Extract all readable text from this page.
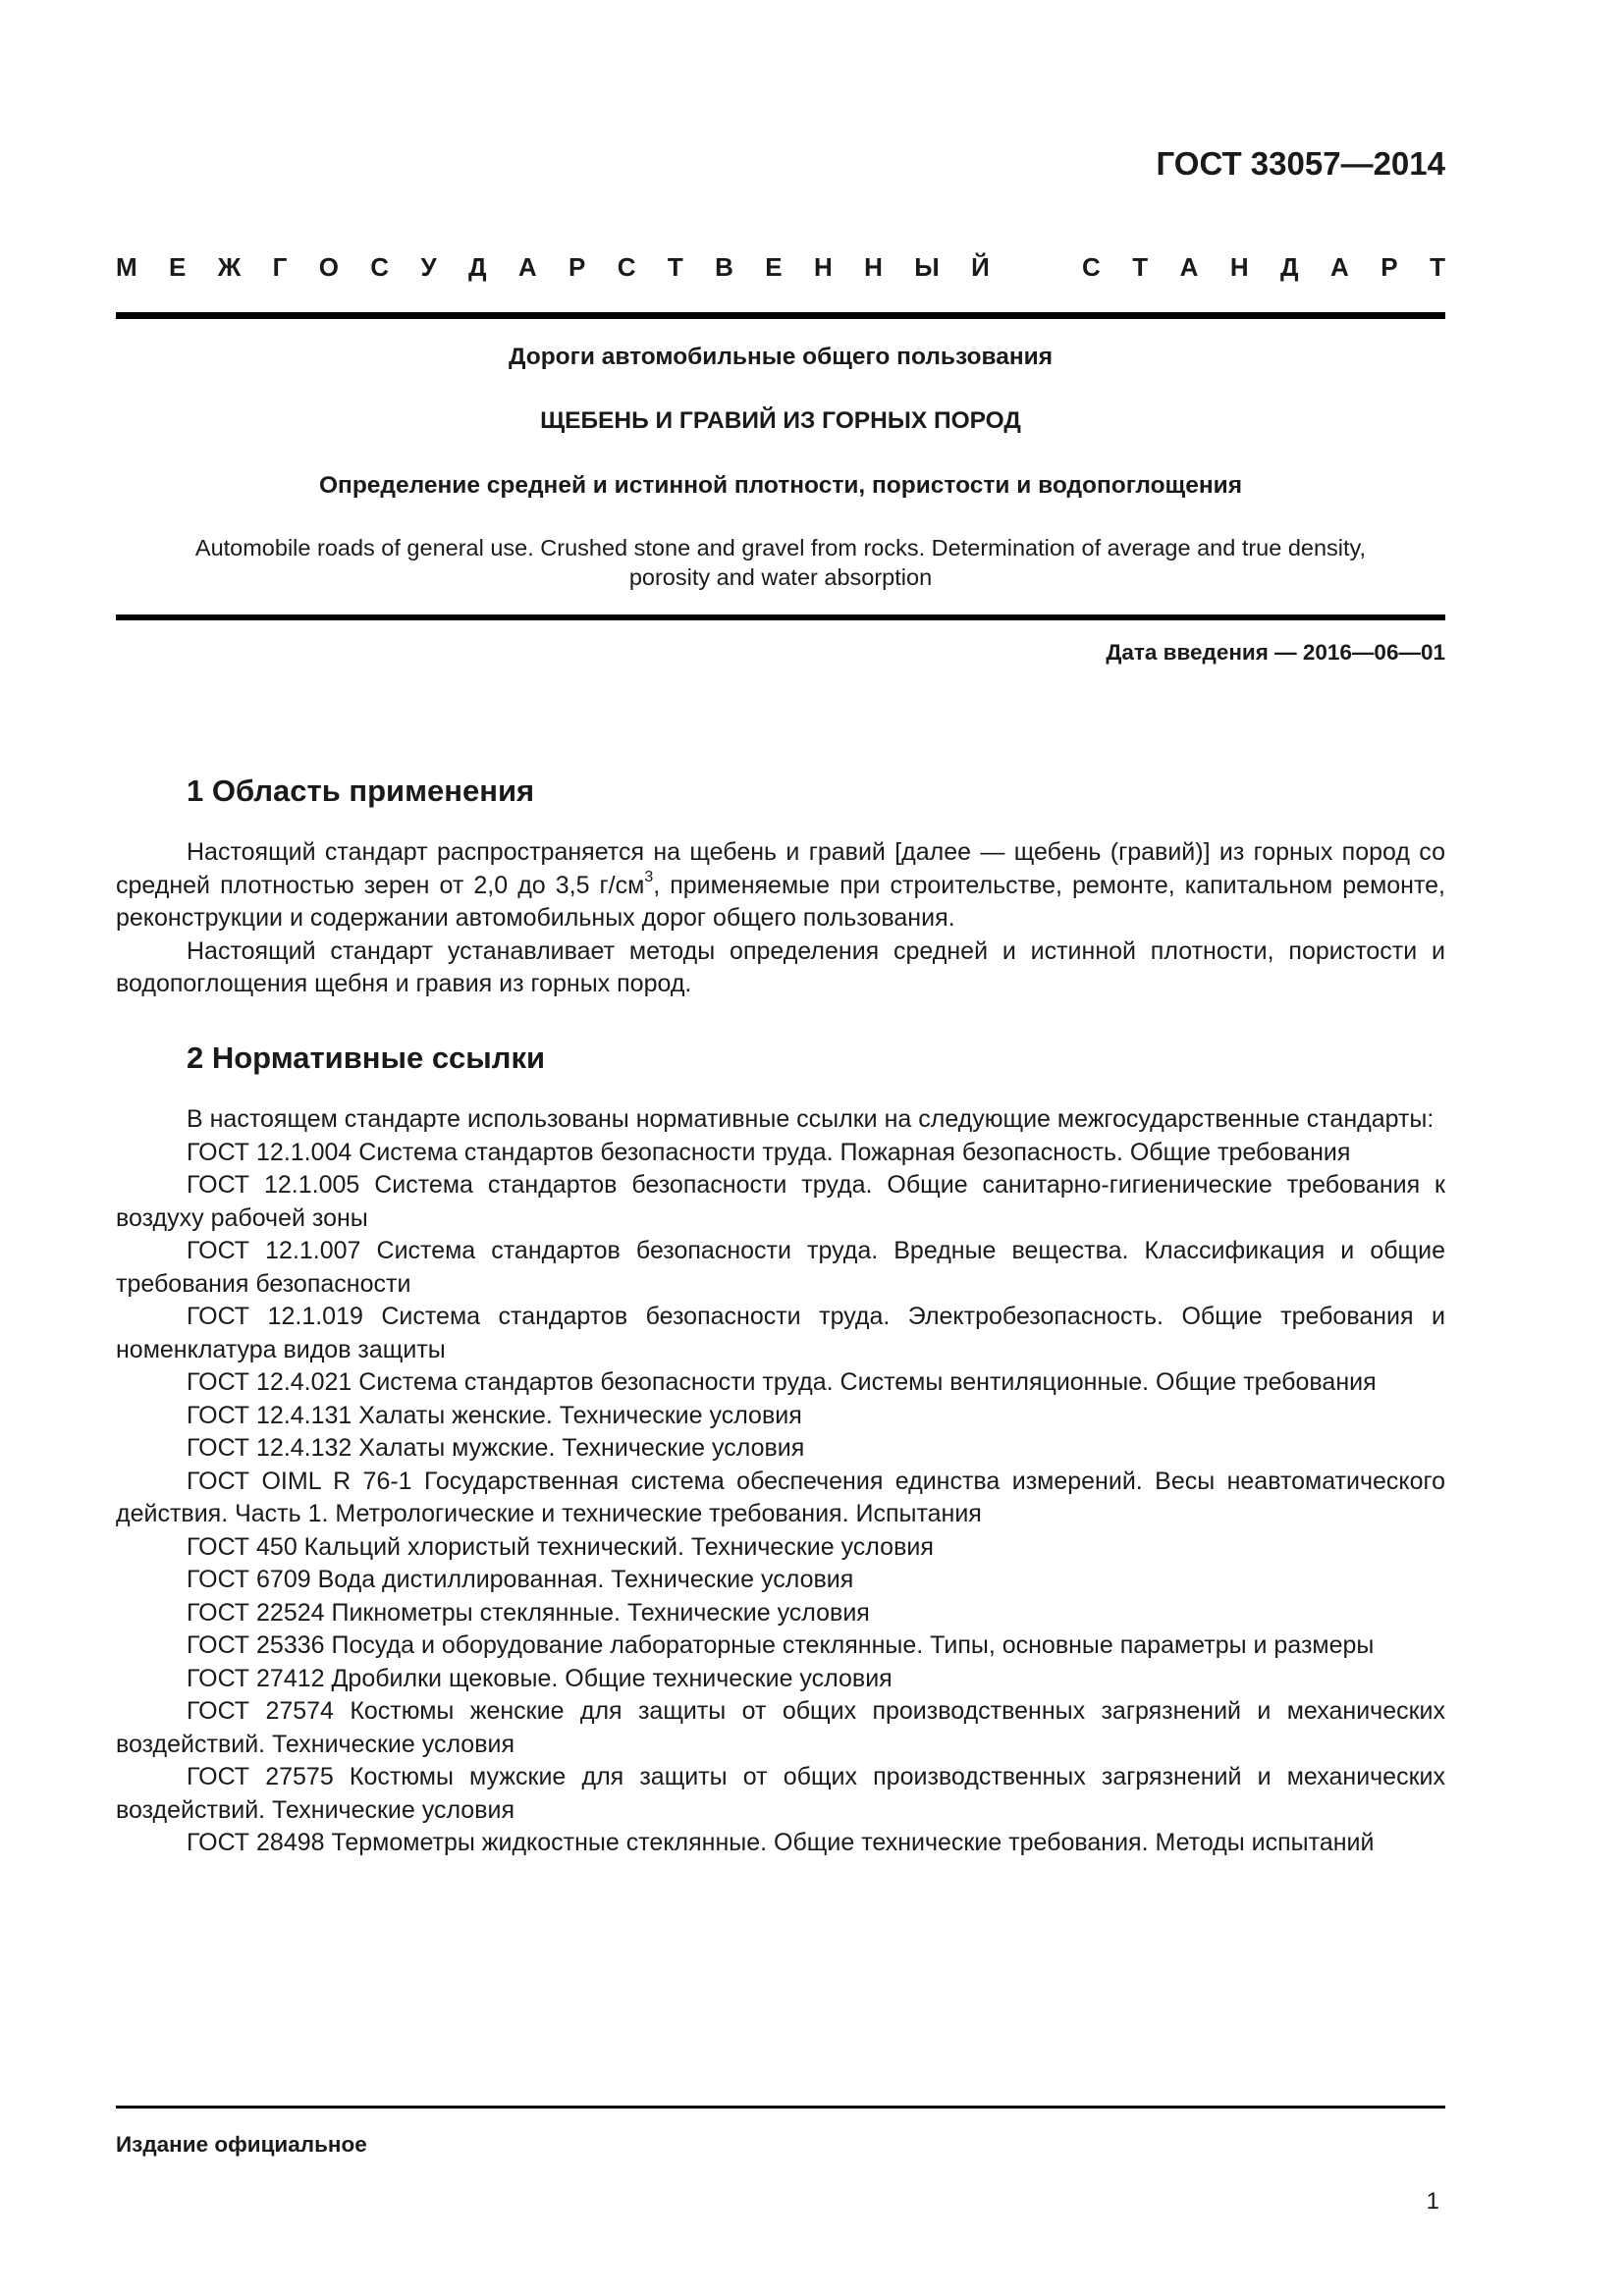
ГОСТ 33057—2014
М Е Ж Г О С У Д А Р С Т В Е Н Н Ы Й	С Т А Н Д А Р Т
Дороги автомобильные общего пользования
ЩЕБЕНЬ И ГРАВИЙ ИЗ ГОРНЫХ ПОРОД
Определение средней и истинной плотности, пористости и водопоглощения
Automobile roads of general use. Crushed stone and gravel from rocks. Determination of average and true density,
porosity and water absorption
Дата введения — 2016—06—01
1 Область применения

Настоящий стандарт распространяется на щебень и гравий [далее — щебень (гравий)] из горных пород со средней плотностью зерен от 2,0 до 3,5 $г/см^3$, применяемые при строительстве, ремонте, капитальном ремонте, реконструкции и содержании автомобильных дорог общего пользования.

Настоящий стандарт устанавливает методы определения средней и истинной плотности, пористости и водопоглощения щебня и гравия из горных пород.

2 Нормативные ссылки

В настоящем стандарте использованы нормативные ссылки на следующие межгосударственные стандарты:

ГОСТ 12.1.004 Система стандартов безопасности труда. Пожарная безопасность. Общие требования

ГОСТ 12.1.005 Система стандартов безопасности труда. Общие санитарно-гигиенические требования к воздуху рабочей зоны

ГОСТ 12.1.007 Система стандартов безопасности труда. Вредные вещества. Классификация и общие требования безопасности

ГОСТ 12.1.019 Система стандартов безопасности труда. Электробезопасность. Общие требования и номенклатура видов защиты

ГОСТ 12.4.021 Система стандартов безопасности труда. Системы вентиляционные. Общие требования

ГОСТ 12.4.131 Халаты женские. Технические условия

ГОСТ 12.4.132 Халаты мужские. Технические условия

ГОСТ OIML R 76-1 Государственная система обеспечения единства измерений. Весы неавтоматического действия. Часть 1. Метрологические и технические требования. Испытания

ГОСТ 450 Кальций хлористый технический. Технические условия

ГОСТ 6709 Вода дистиллированная. Технические условия

ГОСТ 22524 Пикнометры стеклянные. Технические условия

ГОСТ 25336 Посуда и оборудование лабораторные стеклянные. Типы, основные параметры и размеры

ГОСТ 27412 Дробилки щековые. Общие технические условия

ГОСТ 27574 Костюмы женские для защиты от общих производственных загрязнений и механических воздействий. Технические условия

ГОСТ 27575 Костюмы мужские для защиты от общих производственных загрязнений и механических воздействий. Технические условия

ГОСТ 28498 Термометры жидкостные стеклянные. Общие технические требования. Методы испытаний

Издание официальное
1
